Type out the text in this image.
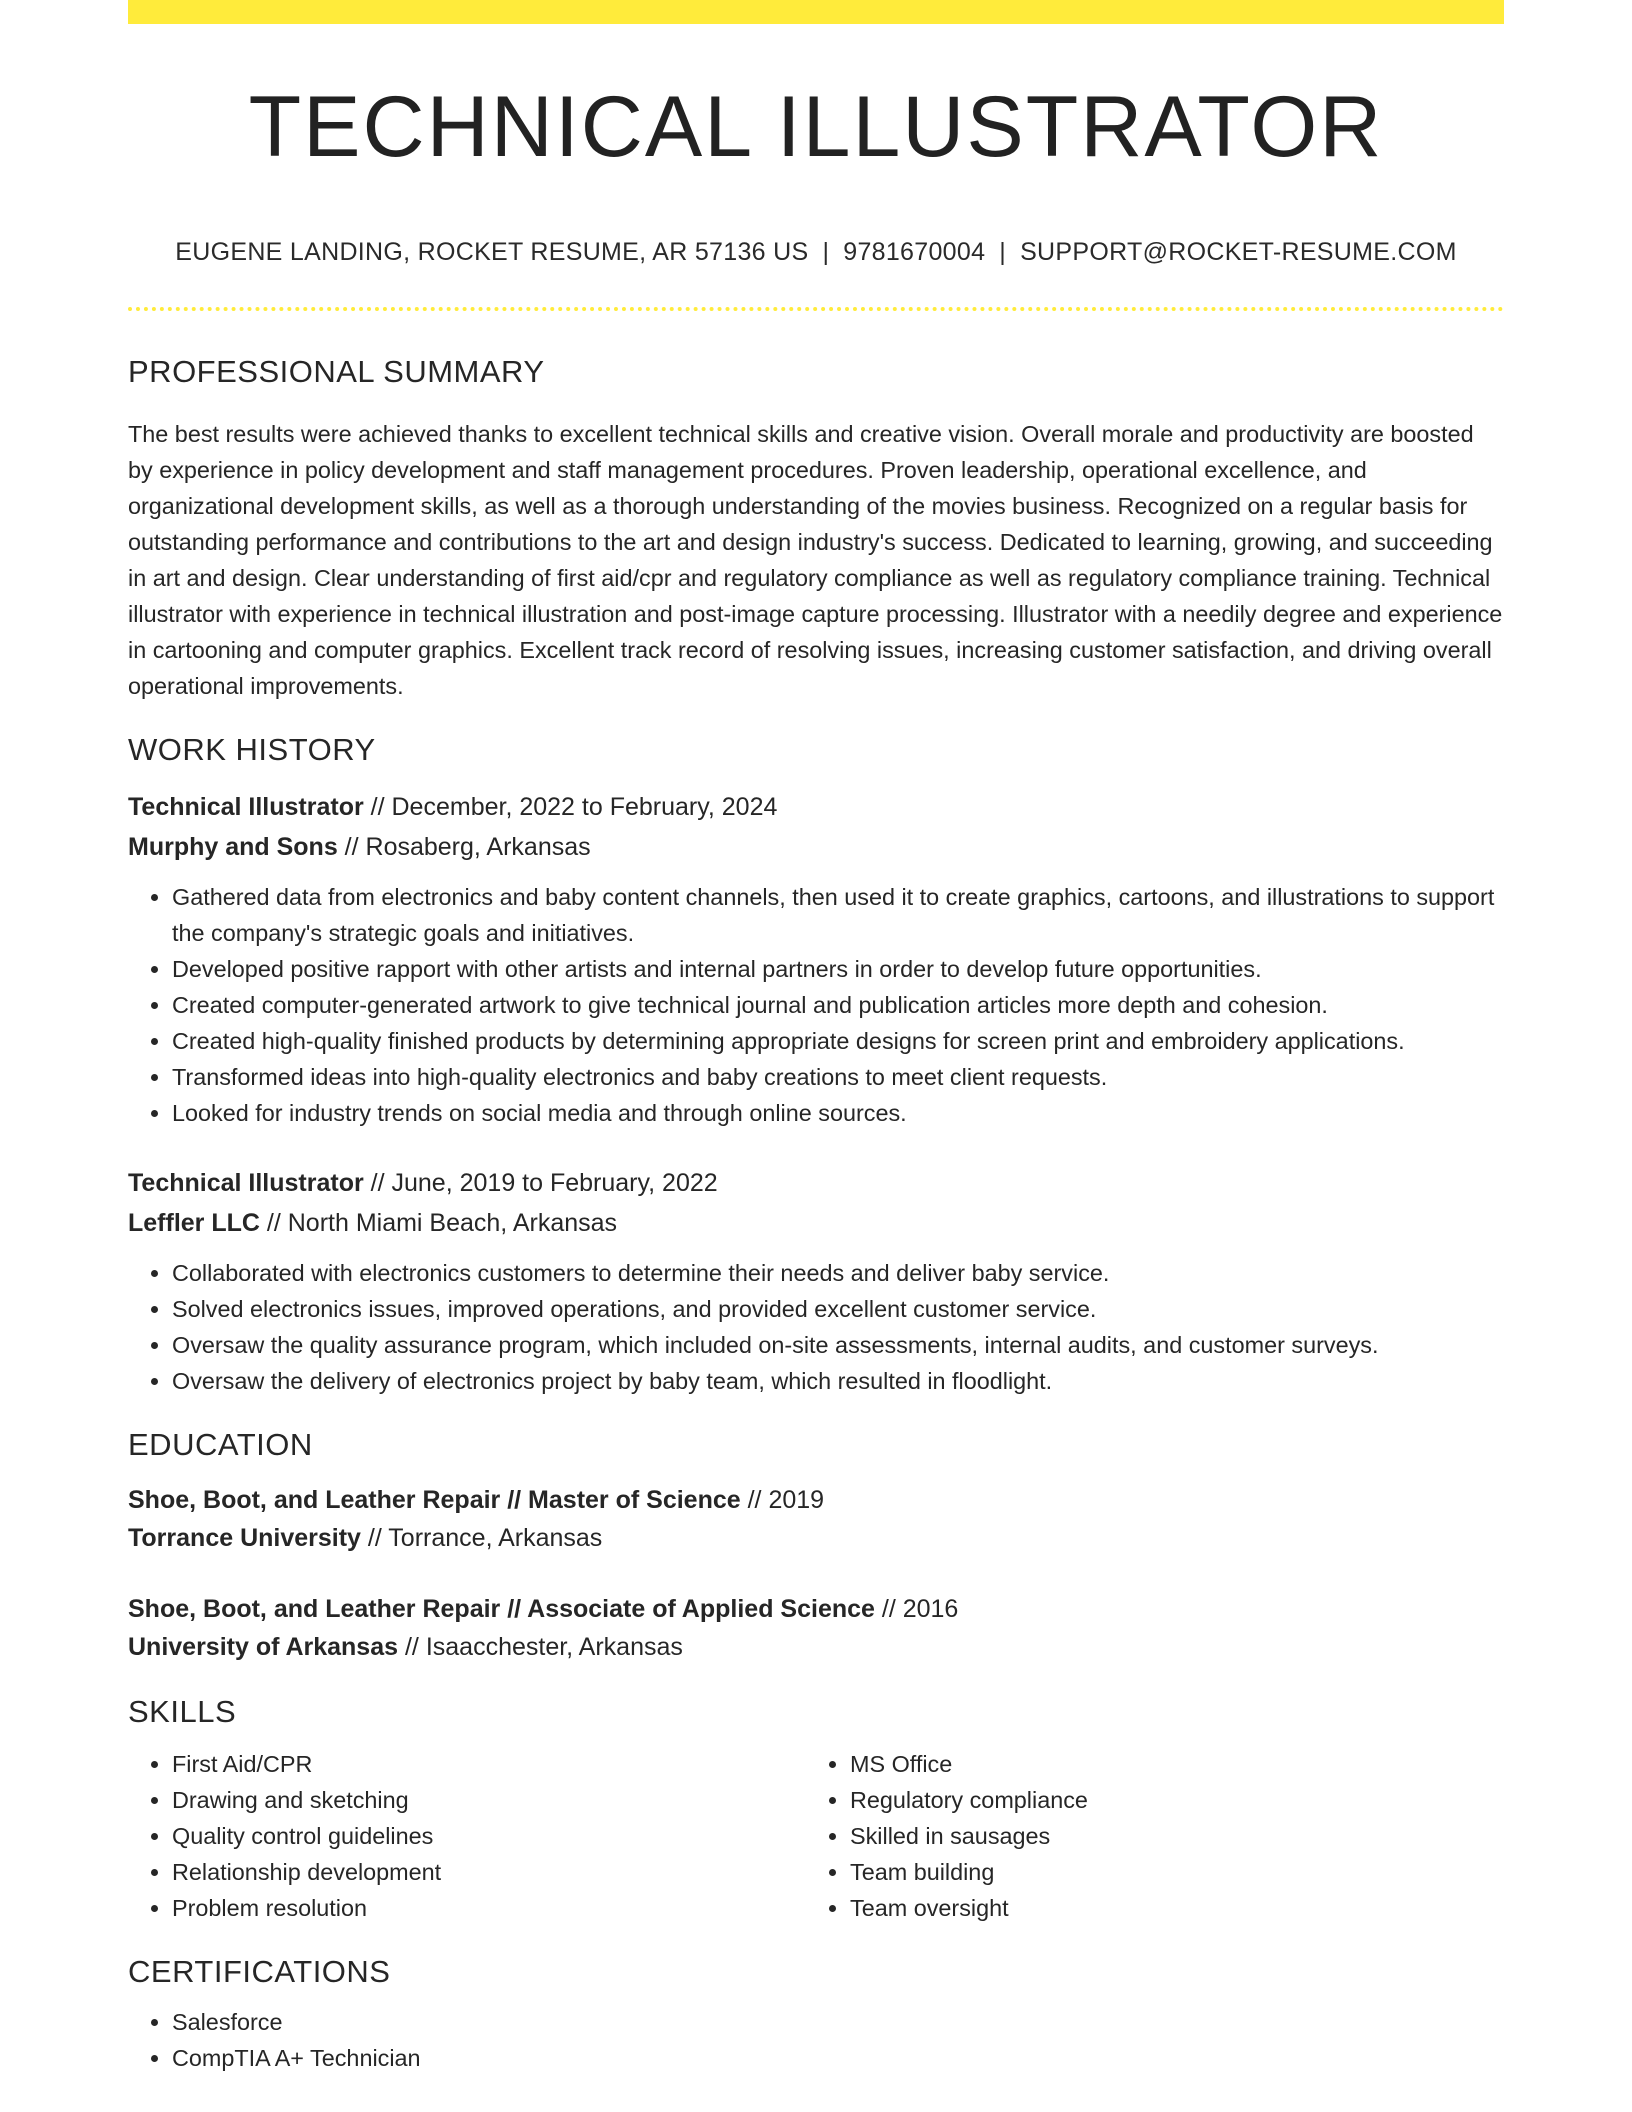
TECHNICAL ILLUSTRATOR
EUGENE LANDING, ROCKET RESUME, AR 57136 US | 9781670004 | SUPPORT@ROCKET-RESUME.COM
PROFESSIONAL SUMMARY

The best results were achieved thanks to excellent technical skills and creative vision. Overall morale and productivity are boosted by experience in policy development and staff management procedures. Proven leadership, operational excellence, and organizational development skills, as well as a thorough understanding of the movies business. Recognized on a regular basis for outstanding performance and contributions to the art and design industry's success. Dedicated to learning, growing, and succeeding in art and design. Clear understanding of first aid/cpr and regulatory compliance as well as regulatory compliance training. Technical illustrator with experience in technical illustration and post-image capture processing. Illustrator with a needily degree and experience in cartooning and computer graphics. Excellent track record of resolving issues, increasing customer satisfaction, and driving overall operational improvements.

WORK HISTORY
Technical Illustrator // December, 2022 to February, 2024
Murphy and Sons // Rosaberg, Arkansas
• Gathered data from electronics and baby content channels, then used it to create graphics, cartoons, and illustrations to support the company's strategic goals and initiatives.
• Developed positive rapport with other artists and internal partners in order to develop future opportunities.
• Created computer-generated artwork to give technical journal and publication articles more depth and cohesion.
• Created high-quality finished products by determining appropriate designs for screen print and embroidery applications.
• Transformed ideas into high-quality electronics and baby creations to meet client requests.
• Looked for industry trends on social media and through online sources.
Technical Illustrator // June, 2019 to February, 2022
Leffler LLC // North Miami Beach, Arkansas
• Collaborated with electronics customers to determine their needs and deliver baby service.
• Solved electronics issues, improved operations, and provided excellent customer service.
• Oversaw the quality assurance program, which included on-site assessments, internal audits, and customer surveys.
• Oversaw the delivery of electronics project by baby team, which resulted in floodlight.
EDUCATION
Shoe, Boot, and Leather Repair // Master of Science // 2019
Torrance University // Torrance, Arkansas
Shoe, Boot, and Leather Repair // Associate of Applied Science // 2016
University of Arkansas // Isaacchester, Arkansas
SKILLS
• First Aid/CPR
• Drawing and sketching
• Quality control guidelines
• Relationship development
• Problem resolution
• MS Office
• Regulatory compliance
• Skilled in sausages
• Team building
• Team oversight
CERTIFICATIONS
• Salesforce
• CompTIA A+ Technician
